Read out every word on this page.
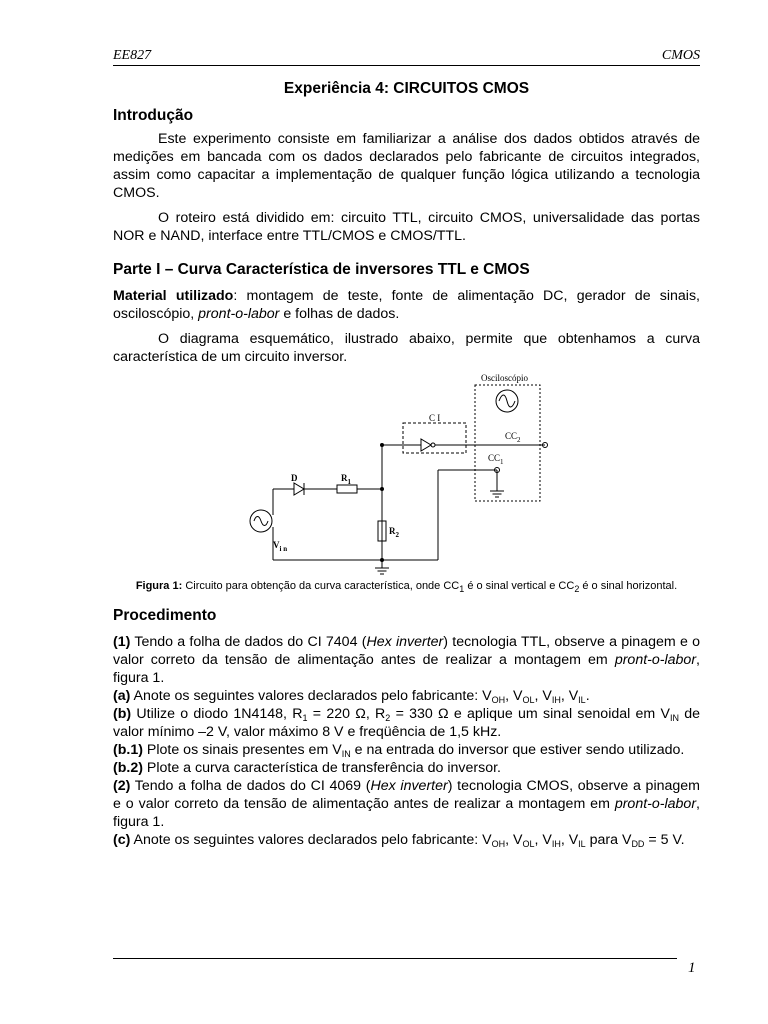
EE827	CMOS
Experiência 4: CIRCUITOS CMOS
Introdução

Este experimento consiste em familiarizar a análise dos dados obtidos através de medições em bancada com os dados declarados pelo fabricante de circuitos integrados, assim como capacitar a implementação de qualquer função lógica utilizando a tecnologia CMOS.

O roteiro está dividido em: circuito TTL, circuito CMOS, universalidade das portas NOR e NAND, interface entre TTL/CMOS e CMOS/TTL.

Parte I – Curva Característica de inversores TTL e CMOS

Material utilizado: montagem de teste, fonte de alimentação DC, gerador de sinais, osciloscópio, pront-o-labor e folhas de dados.

O diagrama esquemático, ilustrado abaixo, permite que obtenhamos a curva característica de um circuito inversor.

Osciloscópio
C I
$CC_2$
$CC_1$
D	$R_1$
$R_2$
$V_{i n}$
Figura 1: Circuito para obtenção da curva característica, onde $CC_1$ é o sinal vertical e $CC_2$ é o sinal horizontal.
Procedimento

(1) Tendo a folha de dados do CI 7404 (Hex inverter) tecnologia TTL, observe a pinagem e o valor correto da tensão de alimentação antes de realizar a montagem em pront-o-labor, figura 1.

(a) Anote os seguintes valores declarados pelo fabricante: $V_{OH}$, $V_{OL}$, $V_{IH}$, $V_{IL}$.

(b) Utilize o diodo 1N4148, $R_1 = 220$ Ω, $R_2 = 330$ Ω e aplique um sinal senoidal em $V_{IN}$ de valor mínimo –2 V, valor máximo 8 V e freqüência de 1,5 kHz.

(b.1) Plote os sinais presentes em $V_{IN}$ e na entrada do inversor que estiver sendo utilizado.

(b.2) Plote a curva característica de transferência do inversor.

(2) Tendo a folha de dados do CI 4069 (Hex inverter) tecnologia CMOS, observe a pinagem e o valor correto da tensão de alimentação antes de realizar a montagem em pront-o-labor, figura 1.

(c) Anote os seguintes valores declarados pelo fabricante: $V_{OH}$, $V_{OL}$, $V_{IH}$, $V_{IL}$ para $V_{DD} = 5$ V.

1
